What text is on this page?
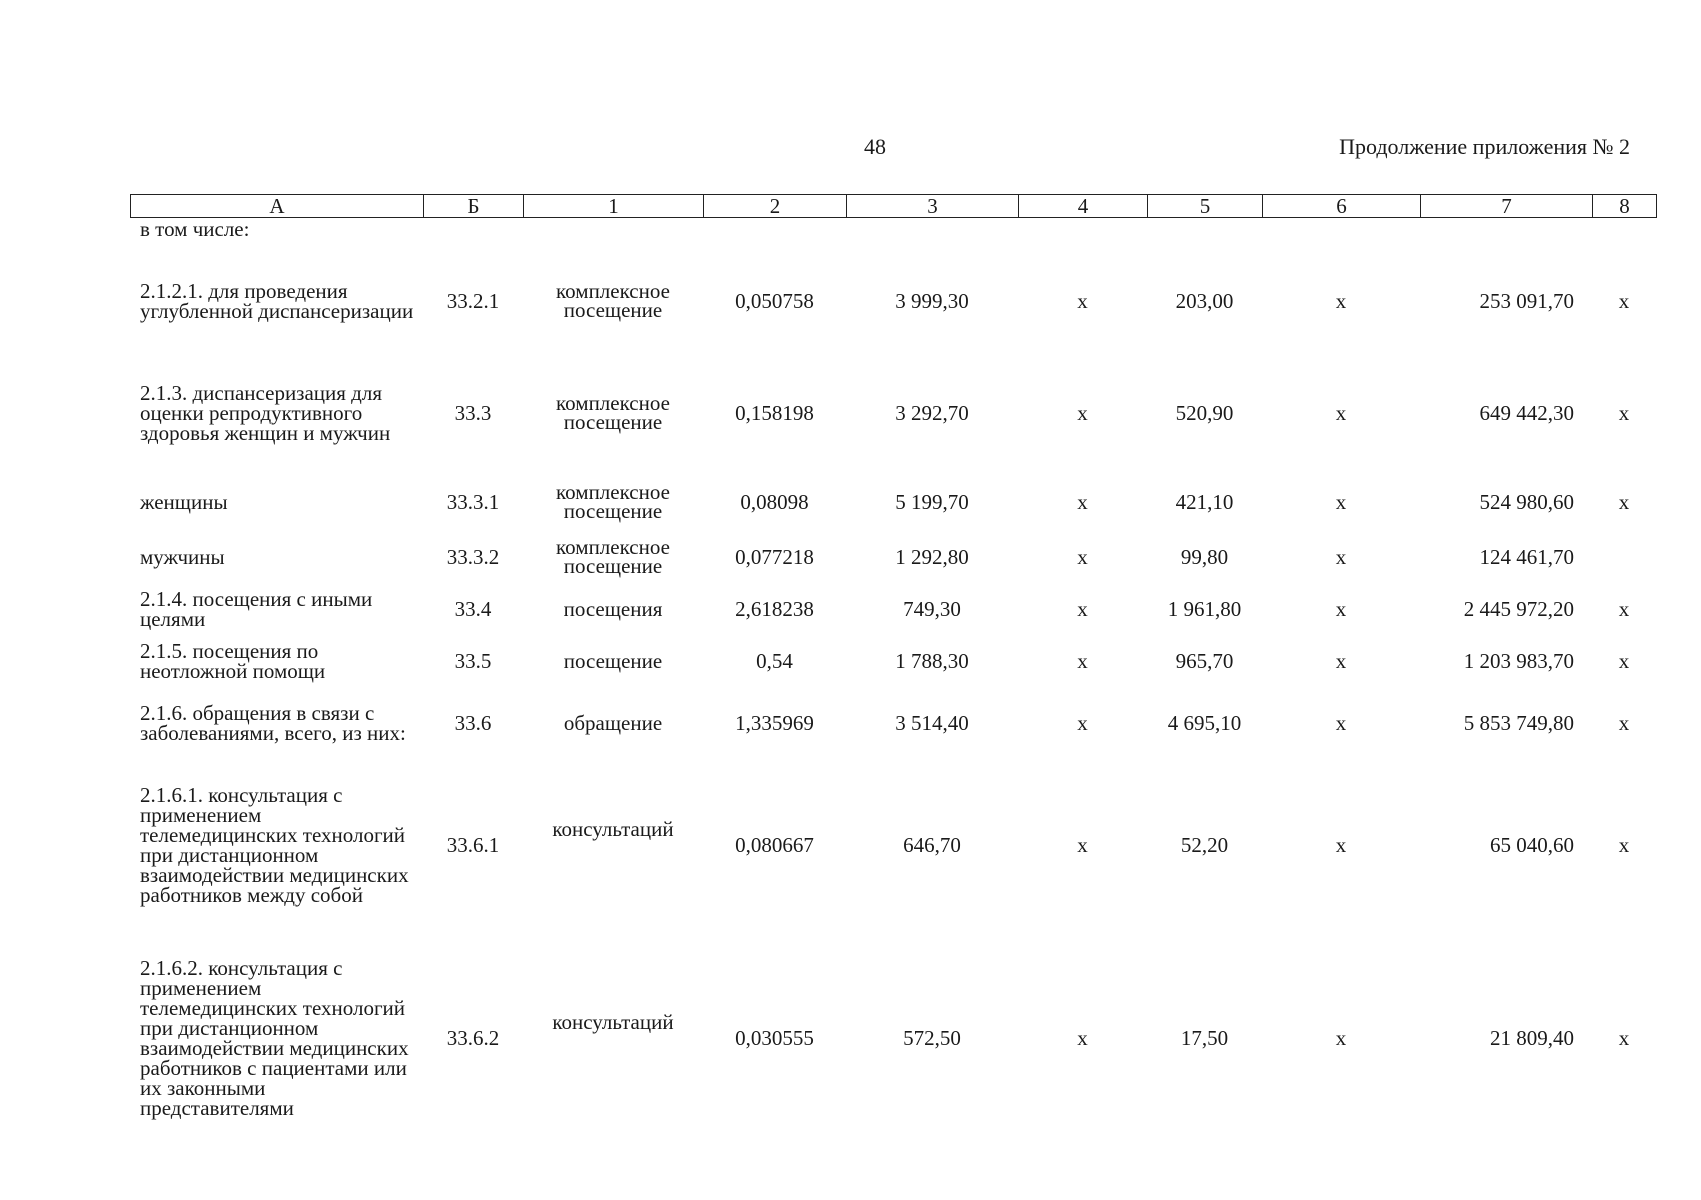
48	Продолжение приложения № 2
А	Б	1	2	3	4	5	6	7	8
в том числе:									
2.1.2.1. для проведения углубленной диспансеризации	33.2.1	комплексное посещение	0,050758	3 999,30	х	203,00	х	253 091,70	х
2.1.3. диспансеризация для оценки репродуктивного здоровья женщин и мужчин	33.3	комплексное посещение	0,158198	3 292,70	х	520,90	х	649 442,30	х
женщины	33.3.1	комплексное посещение	0,08098	5 199,70	х	421,10	х	524 980,60	х
мужчины	33.3.2	комплексное посещение	0,077218	1 292,80	х	99,80	х	124 461,70	
2.1.4. посещения с иными целями	33.4	посещения	2,618238	749,30	х	1 961,80	х	2 445 972,20	х
2.1.5. посещения по неотложной помощи	33.5	посещение	0,54	1 788,30	х	965,70	х	1 203 983,70	х
2.1.6. обращения в связи с заболеваниями, всего, из них:	33.6	обращение	1,335969	3 514,40	х	4 695,10	х	5 853 749,80	х
2.1.6.1. консультация с применением телемедицинских технологий при дистанционном взаимодействии медицинских работников между собой	33.6.1	консультаций	0,080667	646,70	х	52,20	х	65 040,60	х
2.1.6.2. консультация с применением телемедицинских технологий при дистанционном взаимодействии медицинских работников с пациентами или их законными представителями	33.6.2	консультаций	0,030555	572,50	х	17,50	х	21 809,40	х
